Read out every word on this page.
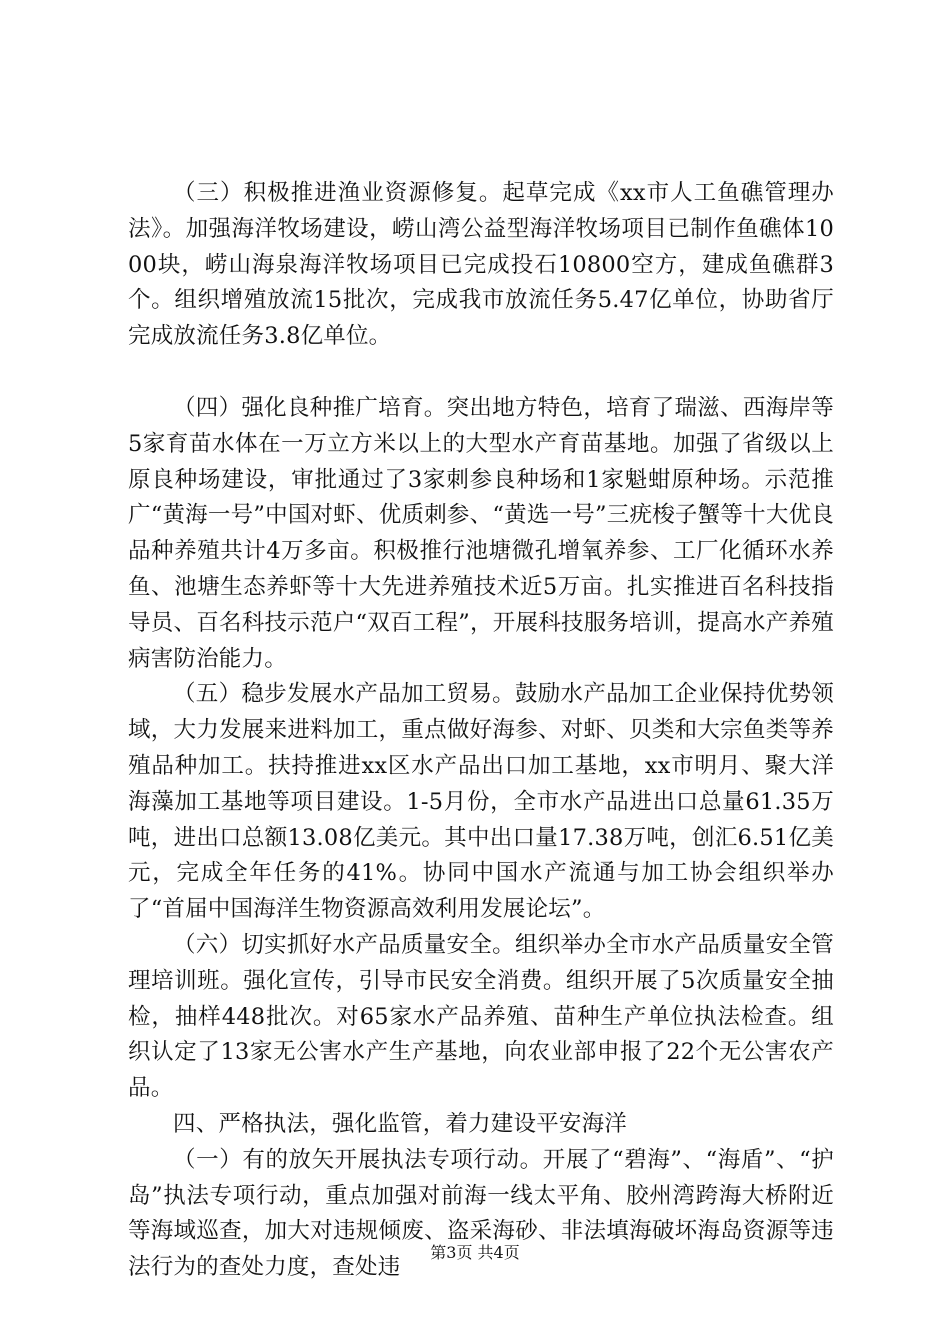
（三）积极推进渔业资源修复。起草完成《xx市人工鱼礁管理办法》。加强海洋牧场建设，崂山湾公益型海洋牧场项目已制作鱼礁体1000块，崂山海泉海洋牧场项目已完成投石10800空方，建成鱼礁群3个。组织增殖放流15批次，完成我市放流任务5.47亿单位，协助省厅完成放流任务3.8亿单位。

（四）强化良种推广培育。突出地方特色，培育了瑞滋、西海岸等5家育苗水体在一万立方米以上的大型水产育苗基地。加强了省级以上原良种场建设，审批通过了3家刺参良种场和1家魁蚶原种场。示范推广“黄海一号”中国对虾、优质刺参、“黄选一号”三疣梭子蟹等十大优良品种养殖共计4万多亩。积极推行池塘微孔增氧养参、工厂化循环水养鱼、池塘生态养虾等十大先进养殖技术近5万亩。扎实推进百名科技指导员、百名科技示范户“双百工程”，开展科技服务培训，提高水产养殖病害防治能力。

（五）稳步发展水产品加工贸易。鼓励水产品加工企业保持优势领域，大力发展来进料加工，重点做好海参、对虾、贝类和大宗鱼类等养殖品种加工。扶持推进xx区水产品出口加工基地，xx市明月、聚大洋海藻加工基地等项目建设。1-5月份，全市水产品进出口总量61.35万吨，进出口总额13.08亿美元。其中出口量17.38万吨，创汇6.51亿美元，完成全年任务的41%。协同中国水产流通与加工协会组织举办了“首届中国海洋生物资源高效利用发展论坛”。

（六）切实抓好水产品质量安全。组织举办全市水产品质量安全管理培训班。强化宣传，引导市民安全消费。组织开展了5次质量安全抽检，抽样448批次。对65家水产品养殖、苗种生产单位执法检查。组织认定了13家无公害水产生产基地，向农业部申报了22个无公害农产品。

四、严格执法，强化监管，着力建设平安海洋

（一）有的放矢开展执法专项行动。开展了“碧海”、“海盾”、“护岛”执法专项行动，重点加强对前海一线太平角、胶州湾跨海大桥附近等海域巡查，加大对违规倾废、盗采海砂、非法填海破坏海岛资源等违法行为的查处力度，查处违

第3页 共4页
